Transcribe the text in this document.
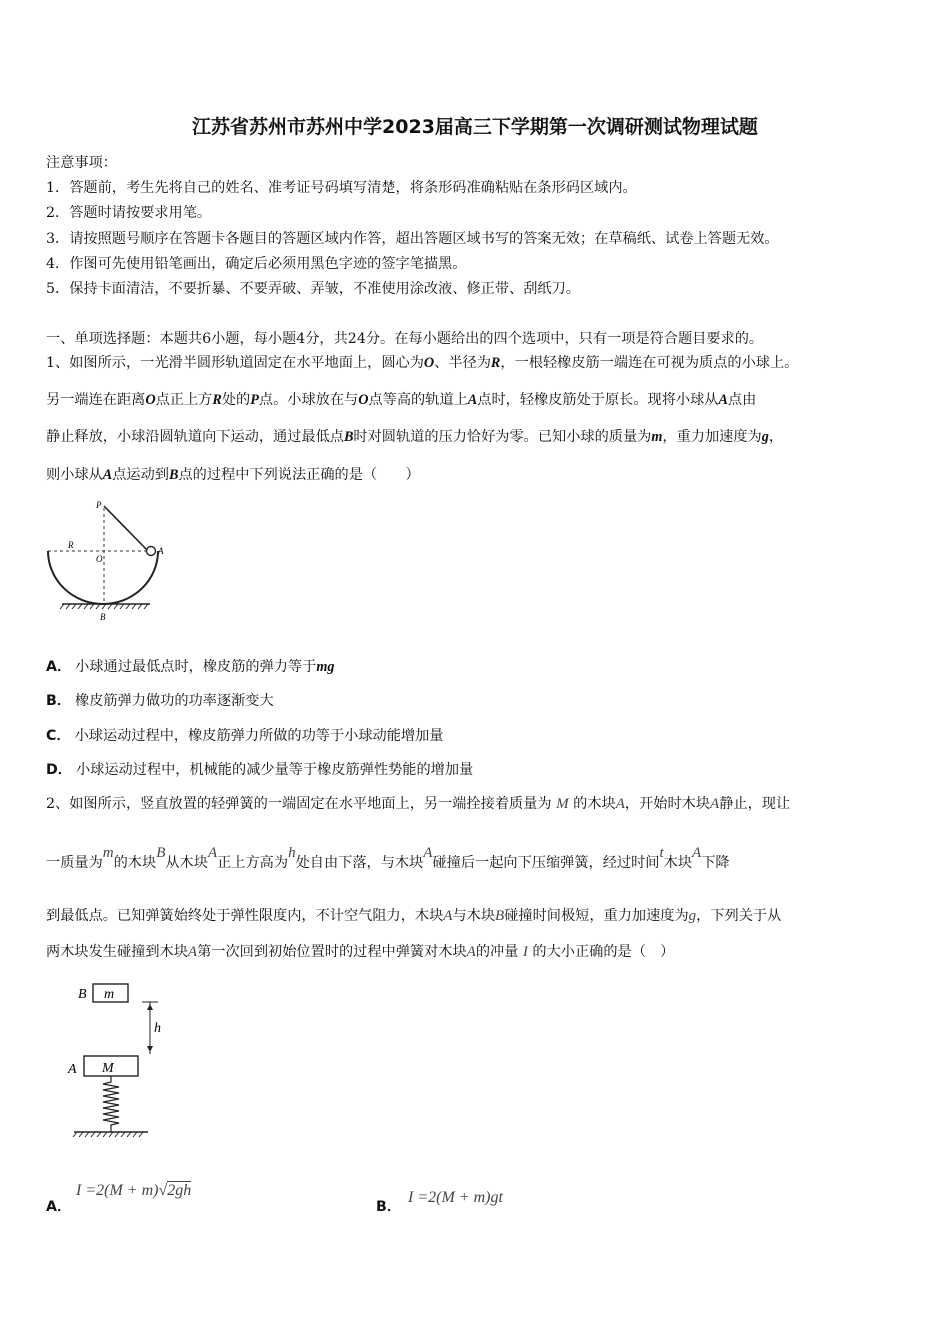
江苏省苏州市苏州中学2023届高三下学期第一次调研测试物理试题
注意事项：
1．答题前，考生先将自己的姓名、准考证号码填写清楚，将条形码准确粘贴在条形码区域内。
2．答题时请按要求用笔。
3．请按照题号顺序在答题卡各题目的答题区域内作答，超出答题区域书写的答案无效；在草稿纸、试卷上答题无效。
4．作图可先使用铅笔画出，确定后必须用黑色字迹的签字笔描黑。
5．保持卡面清洁，不要折暴、不要弄破、弄皱，不准使用涂改液、修正带、刮纸刀。
一、单项选择题：本题共6小题，每小题4分，共24分。在每小题给出的四个选项中，只有一项是符合题目要求的。
1、如图所示，一光滑半圆形轨道固定在水平地面上，圆心为O、半径为R，一根轻橡皮筋一端连在可视为质点的小球上。
另一端连在距离O点正上方R处的P点。小球放在与O点等高的轨道上A点时，轻橡皮筋处于原长。现将小球从A点由
静止释放，小球沿圆轨道向下运动，通过最低点B时对圆轨道的压力恰好为零。已知小球的质量为m，重力加速度为g，
则小球从A点运动到B点的过程中下列说法正确的是（　　）
P
R
O
A
B
A． 小球通过最低点时，橡皮筋的弹力等于mg
B． 橡皮筋弹力做功的功率逐渐变大
C． 小球运动过程中，橡皮筋弹力所做的功等于小球动能增加量
D． 小球运动过程中，机械能的减少量等于橡皮筋弹性势能的增加量
2、如图所示，竖直放置的轻弹簧的一端固定在水平地面上，另一端拴接着质量为 M 的木块A，开始时木块A静止，现让
一质量为m的木块B从木块A正上方高为h处自由下落，与木块A碰撞后一起向下压缩弹簧，经过时间t木块A下降
到最低点。已知弹簧始终处于弹性限度内，不计空气阻力，木块A与木块B碰撞时间极短，重力加速度为g，下列关于从
两木块发生碰撞到木块A第一次回到初始位置时的过程中弹簧对木块A的冲量 I 的大小正确的是（　）
B m
h
A M
I =2(M + m)√2gh
A．
I =2(M + m)gt
B．
